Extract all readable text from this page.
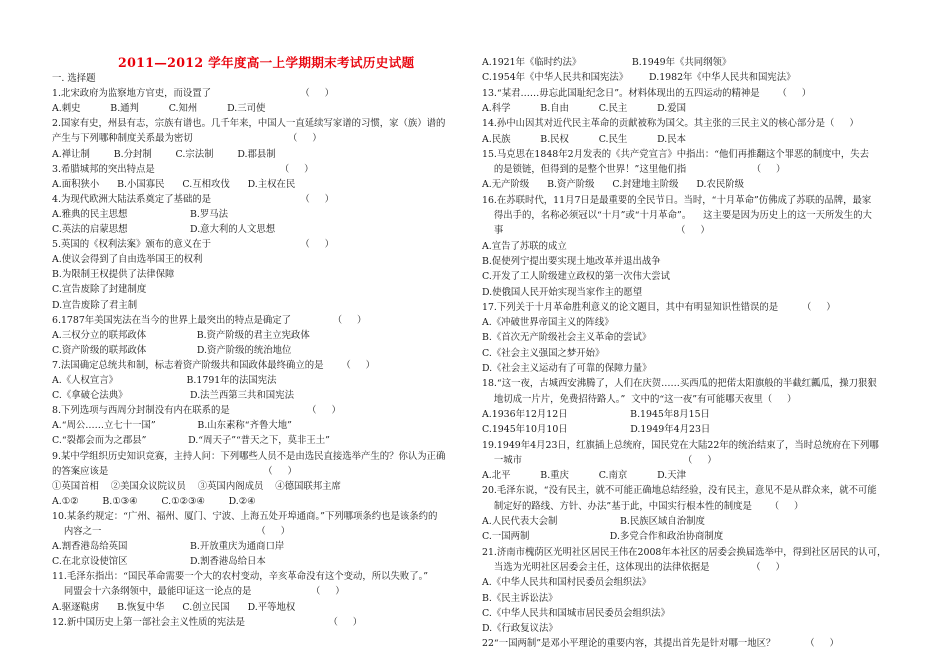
2011—2012 学年度高一上学期期末考试历史试题
一. 选择题
1.北宋政府为监察地方官吏，而设置了                              （     ）
A.刺史          B.通判          C.知州          D.三司使
2.国家有史，州县有志，宗族有谱也。几千年来，中国人一直延续写家谱的习惯，家（族）谱的
产生与下列哪种制度关系最为密切                                （     ）
A.禅让制        B.分封制        C.宗法制        D.郡县制
3.希腊城邦的突出特点是                                          （     ）
A.面积狭小      B.小国寡民      C.互相攻伐      D.主权在民
4.为现代欧洲大陆法系奠定了基础的是                              （     ）
A.雅典的民主思想                     B.罗马法
C.英法的启蒙思想                     D.意大利的人文思想
5.英国的《权利法案》颁布的意义在于                              （     ）
A.使议会得到了自由选举国王的权利
B.为限制王权提供了法律保障
C.宣告废除了封建制度
D.宣告废除了君主制
6.1787年美国宪法在当今的世界上最突出的特点是确定了              （     ）
A.三权分立的联邦政体                 B.资产阶级的君主立宪政体
C.资产阶级的联邦政体                 D.资产阶级的统治地位
7.法国确定总统共和制，标志着资产阶级共和国政体最终确立的是      （     ）
A.《人权宣言》                       B.1791年的法国宪法
C.《拿破仑法典》                     D.法兰西第三共和国宪法
8.下列选项与西周分封制没有内在联系的是                          （     ）
A.“周公……立七十一国”              B.山东素称“齐鲁大地”
C.“裂都会而为之郡县”              D.“周天子”“普天之下，莫非王土”
9.某中学组织历史知识竞赛，主持人问：下列哪些人员不是由选民直接选举产生的？你认为正确
的答案应该是                                                    （     ）
①英国首相    ②美国众议院议员    ③英国内阁成员    ④德国联邦主席
A.①②        B.①③④        C.①②③④        D.②④
10.某条约规定：“广州、福州、厦门、宁波、上海五处开埠通商。”下列哪项条约也是该条约的
内容之一                                                    （     ）
A.割香港岛给英国                     B.开放重庆为通商口岸
C.在北京设使馆区                     D.割香港岛给日本
11.毛泽东指出：“国民革命需要一个大的农村变动，辛亥革命没有这个变动，所以失败了。”
同盟会十六条纲领中，最能印证这一论点的是                    （     ）
A.驱逐鞑虏      B.恢复中华      C.创立民国      D.平等地权
12.新中国历史上第一部社会主义性质的宪法是                            （     ）
A.1921年《临时约法》                 B.1949年《共同纲领》
C.1954年《中华人民共和国宪法》       D.1982年《中华人民共和国宪法》
13.“某君……毋忘此国耻纪念日”。材料体现出的五四运动的精神是      （     ）
A.科学          B.自由          C.民主          D.爱国
14.孙中山因其对近代民主革命的贡献被称为国父。其主张的三民主义的核心部分是（     ）
A.民族          B.民权          C.民生          D.民本
15.马克思在1848年2月发表的《共产党宣言》中指出：“他们再推翻这个罪恶的制度中，失去
的是锁链，但得到的是整个世界！”这里他们指                      （     ）
A.无产阶级      B.资产阶级      C.封建地主阶级      D.农民阶级
16.在苏联时代，11月7日是最重要的全民节日。当时，“十月革命”仿佛成了苏联的品牌，最家
得出手的，名称必须冠以“十月”或“十月革命”。    这主要是因为历史上的这一天所发生的大
事                                                          （     ）
A.宣告了苏联的成立
B.促使列宁提出要实现土地改革并退出战争
C.开发了工人阶级建立政权的第一次伟大尝试
D.使俄国人民开始实现当家作主的愿望
17.下列关于十月革命胜利意义的论文题目，其中有明显知识性错误的是        （     ）
A.《冲破世界帝国主义的阵线》
B.《首次无产阶级社会主义革命的尝试》
C.《社会主义强国之梦开始》
D.《社会主义运动有了可靠的保障力量》
18.“这一夜，古城西安沸腾了，人们在庆贺……买西瓜的把偌太阳旗般的半截红瓤瓜，操刀狠狠
地切成一片片，免费招待路人。”  文中的“这一夜”有可能哪天夜里（     ）
A.1936年12月12日                     B.1945年8月15日
C.1945年10月10日                     D.1949年4月23日
19.1949年4月23日，红旗插上总统府，国民党在大陆22年的统治结束了，当时总统府在下列哪
一城市                                                      （     ）
A.北平          B.重庆          C.南京          D.天津
20.毛泽东说，“没有民主，就不可能正确地总结经验，没有民主，意见不是从群众来，就不可能
制定好的路线、方针、办法”基于此，中国实行根本性的制度是      （     ）
A.人民代表大会制                     B.民族区域自治制度
C.一国两制                           D.多党合作和政治协商制度
21.济南市槐荫区光明社区居民王伟在2008年本社区的居委会换届选举中，得到社区居民的认可，
当选为光明社区居委会主任，这体现出的法律依据是              （     ）
A.《中华人民共和国村民委员会组织法》
B.《民主诉讼法》
C.《中华人民共和国城市居民委员会组织法》
D.《行政复议法》
22“一国两制”是邓小平理论的重要内容，其提出首先是针对哪一地区？          （     ）
